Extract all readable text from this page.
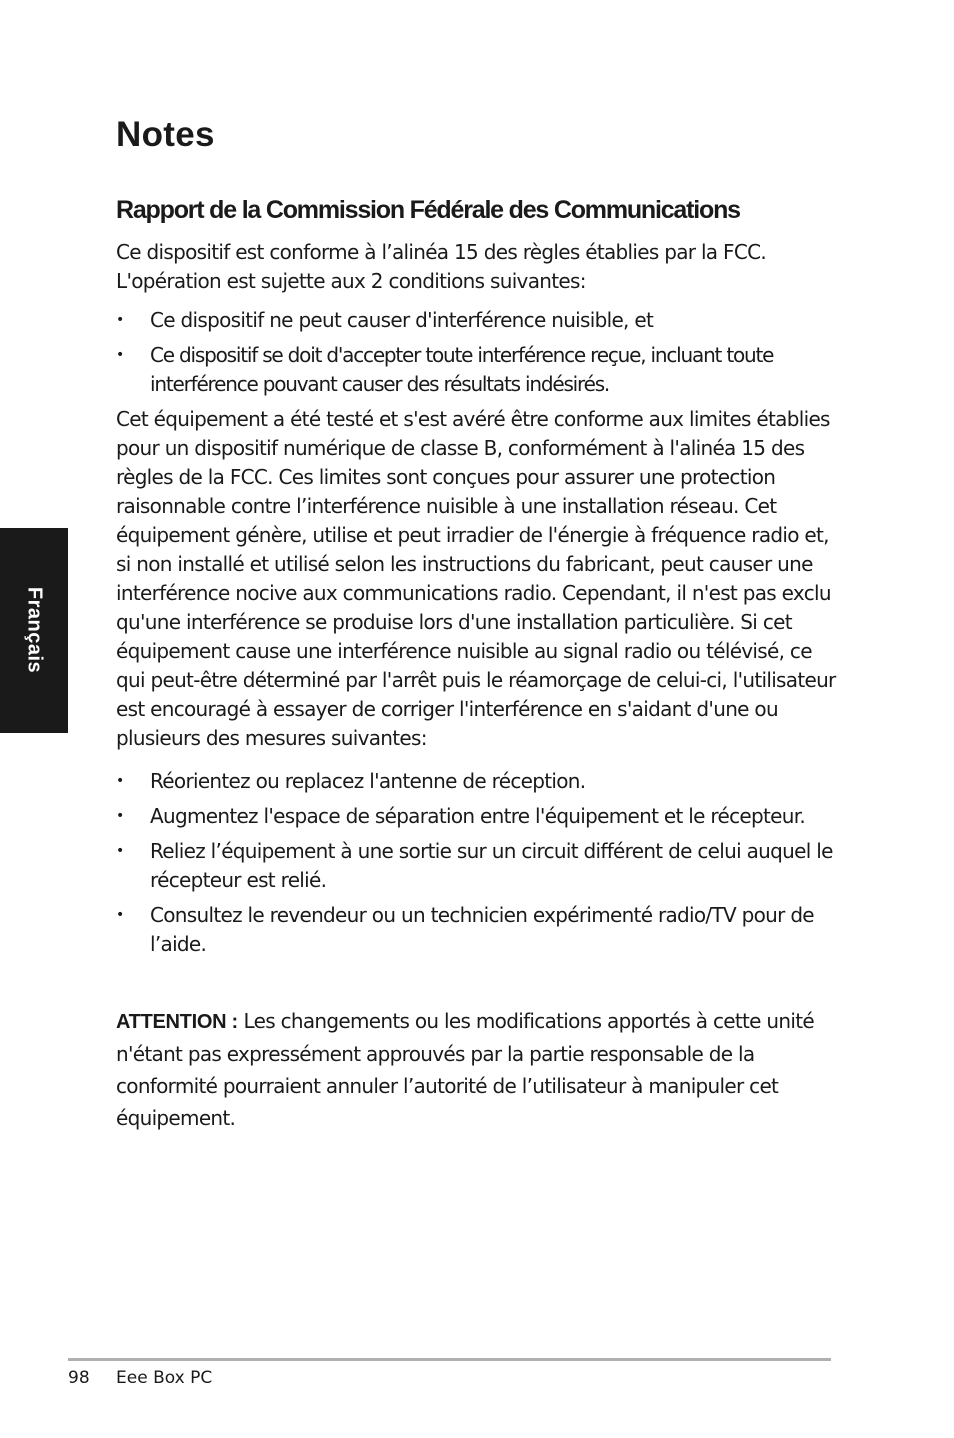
Français
Notes
Rapport de la Commission Fédérale des Communications

Ce dispositif est conforme à l’alinéa 15 des règles établies par la FCC. L'opération est sujette aux 2 conditions suivantes:

• Ce dispositif ne peut causer d'interférence nuisible, et
• Ce dispositif se doit d'accepter toute interférence reçue, incluant toute interférence pouvant causer des résultats indésirés.

Cet équipement a été testé et s'est avéré être conforme aux limites établies pour un dispositif numérique de classe B, conformément à l'alinéa 15 des règles de la FCC. Ces limites sont conçues pour assurer une protection raisonnable contre l’interférence nuisible à une installation réseau. Cet équipement génère, utilise et peut irradier de l'énergie à fréquence radio et, si non installé et utilisé selon les instructions du fabricant, peut causer une interférence nocive aux communications radio. Cependant, il n'est pas exclu qu'une interférence se produise lors d'une installation particulière. Si cet équipement cause une interférence nuisible au signal radio ou télévisé, ce qui peut-être déterminé par l'arrêt puis le réamorçage de celui-ci, l'utilisateur est encouragé à essayer de corriger l'interférence en s'aidant d'une ou plusieurs des mesures suivantes:

• Réorientez ou replacez l'antenne de réception.
• Augmentez l'espace de séparation entre l'équipement et le récepteur.
• Reliez l’équipement à une sortie sur un circuit différent de celui auquel le récepteur est relié.
• Consultez le revendeur ou un technicien expérimenté radio/TV pour de l’aide.

ATTENTION : Les changements ou les modifications apportés à cette unité n'étant pas expressément approuvés par la partie responsable de la conformité pourraient annuler l’autorité de l’utilisateur à manipuler cet équipement.

98 Eee Box PC
